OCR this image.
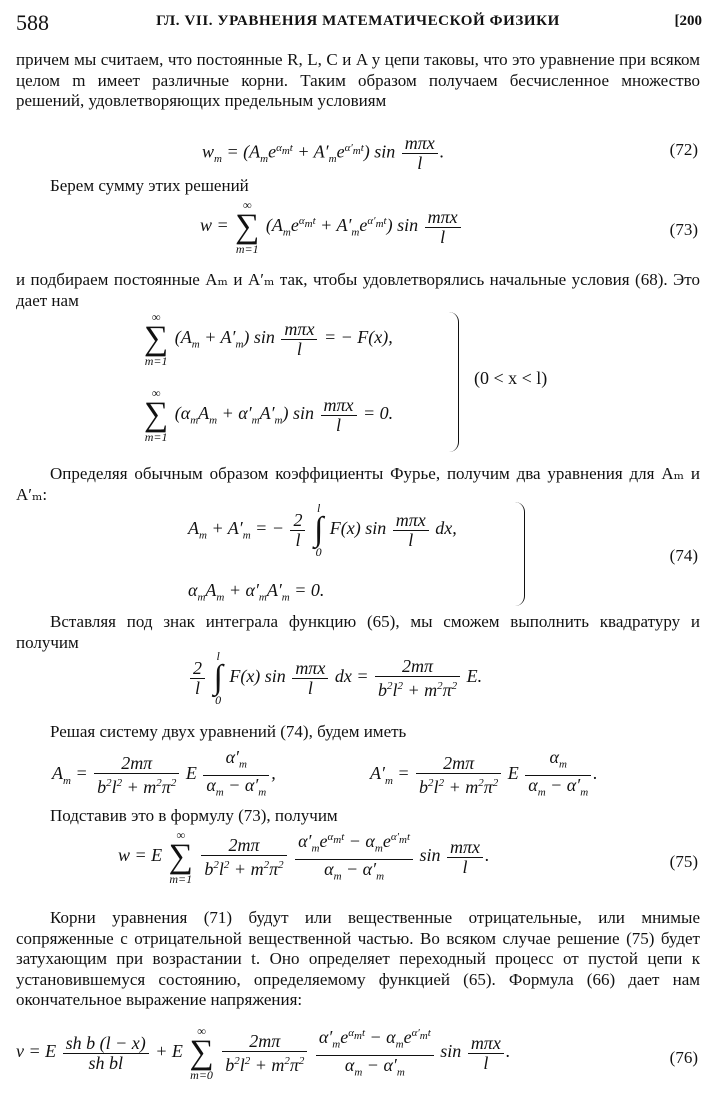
588	ГЛ. VII. УРАВНЕНИЯ МАТЕМАТИЧЕСКОЙ ФИЗИКИ	[200
причем мы считаем, что постоянные R, L, C и A у цепи таковы, что это уравнение при всяком целом m имеет различные корни. Таким образом получаем бесчисленное множество решений, удовлетворяющих предельным условиям
$w_m = (A_me^{\alpha_mt} + A'_me^{\alpha'_mt})$ $\sin \frac{\text{mπx}}{l}$ .	(72)
Берем сумму этих решений
w =
∞
∑
m=1
$(A_me^{\alpha_mt} + A'_me^{\alpha'_mt})$ $\sin \frac{\text{mπx}}{l}$	(73)
и подбираем постоянные Aₘ и A′ₘ так, чтобы удовлетворялись начальные условия (68). Это дает нам
∞
∑
m=1
$(A_m + A'_m)$ $\sin \frac{\text{mπx}}{l}$ = − F(x),
∞
∑
m=1
$(\alpha_mA_m + \alpha'_mA'_m)$ $\sin \frac{\text{mπx}}{l} = 0$.
(0 < x < l)
Определяя обычным образом коэффициенты Фурье, получим два уравнения для Aₘ и A′ₘ:
$A_m + A'_m$ = − $\frac{2}{l}$

l
∫
0
F(x) $\sin \frac{\text{mπx}}{l}$ dx,
$\alpha_mA_m + \alpha'_mA'_m = 0$.
(74)
Вставляя под знак интеграла функцию (65), мы сможем выполнить квадратуру и получим
$\frac{2}{l}$

l
∫
0
F(x) $\sin \frac{\text{mπx}}{l}$ dx = $\frac{2m\pi}{b^2l^2 + m^2\pi^2} E$.
Решая систему двух уравнений (74), будем иметь
$A_m = \frac{2m\pi}{b^2l^2 + m^2\pi^2}$ E $\frac{\alpha'_m}{\alpha_m - \alpha'_m}$ ,	$A'_m = \frac{2m\pi}{b^2l^2 + m^2\pi^2}$ E $\frac{\alpha_m}{\alpha_m - \alpha'_m}$ .
Подставив это в формулу (73), получим
w = E
∞
∑
m=1

$\frac{2m\pi}{b^2l^2 + m^2\pi^2}$
$\frac{\alpha'_me^{\alpha_mt} - \alpha_me^{\alpha'_mt}}{\alpha_m - \alpha'_m}$ $\sin \frac{\text{mπx}}{l}$ .	(75)
Корни уравнения (71) будут или вещественные отрицательные, или мнимые сопряженные с отрицательной вещественной частью. Во всяком случае решение (75) будет затухающим при возрастании t. Оно определяет переходный процесс от пустой цепи к установившемуся состоянию, определяемому функцией (65). Формула (66) дает нам окончательное выражение напряжения:
v = E $\frac{\text{sh b (l − x)}}{\text{sh bl}} + E$
∞
∑
m=0

$\frac{2m\pi}{b^2l^2 + m^2\pi^2}$
$\frac{\alpha'_me^{\alpha_mt} - \alpha_me^{\alpha'_mt}}{\alpha_m - \alpha'_m}$ $\sin \frac{\text{mπx}}{l}$ .	(76)
